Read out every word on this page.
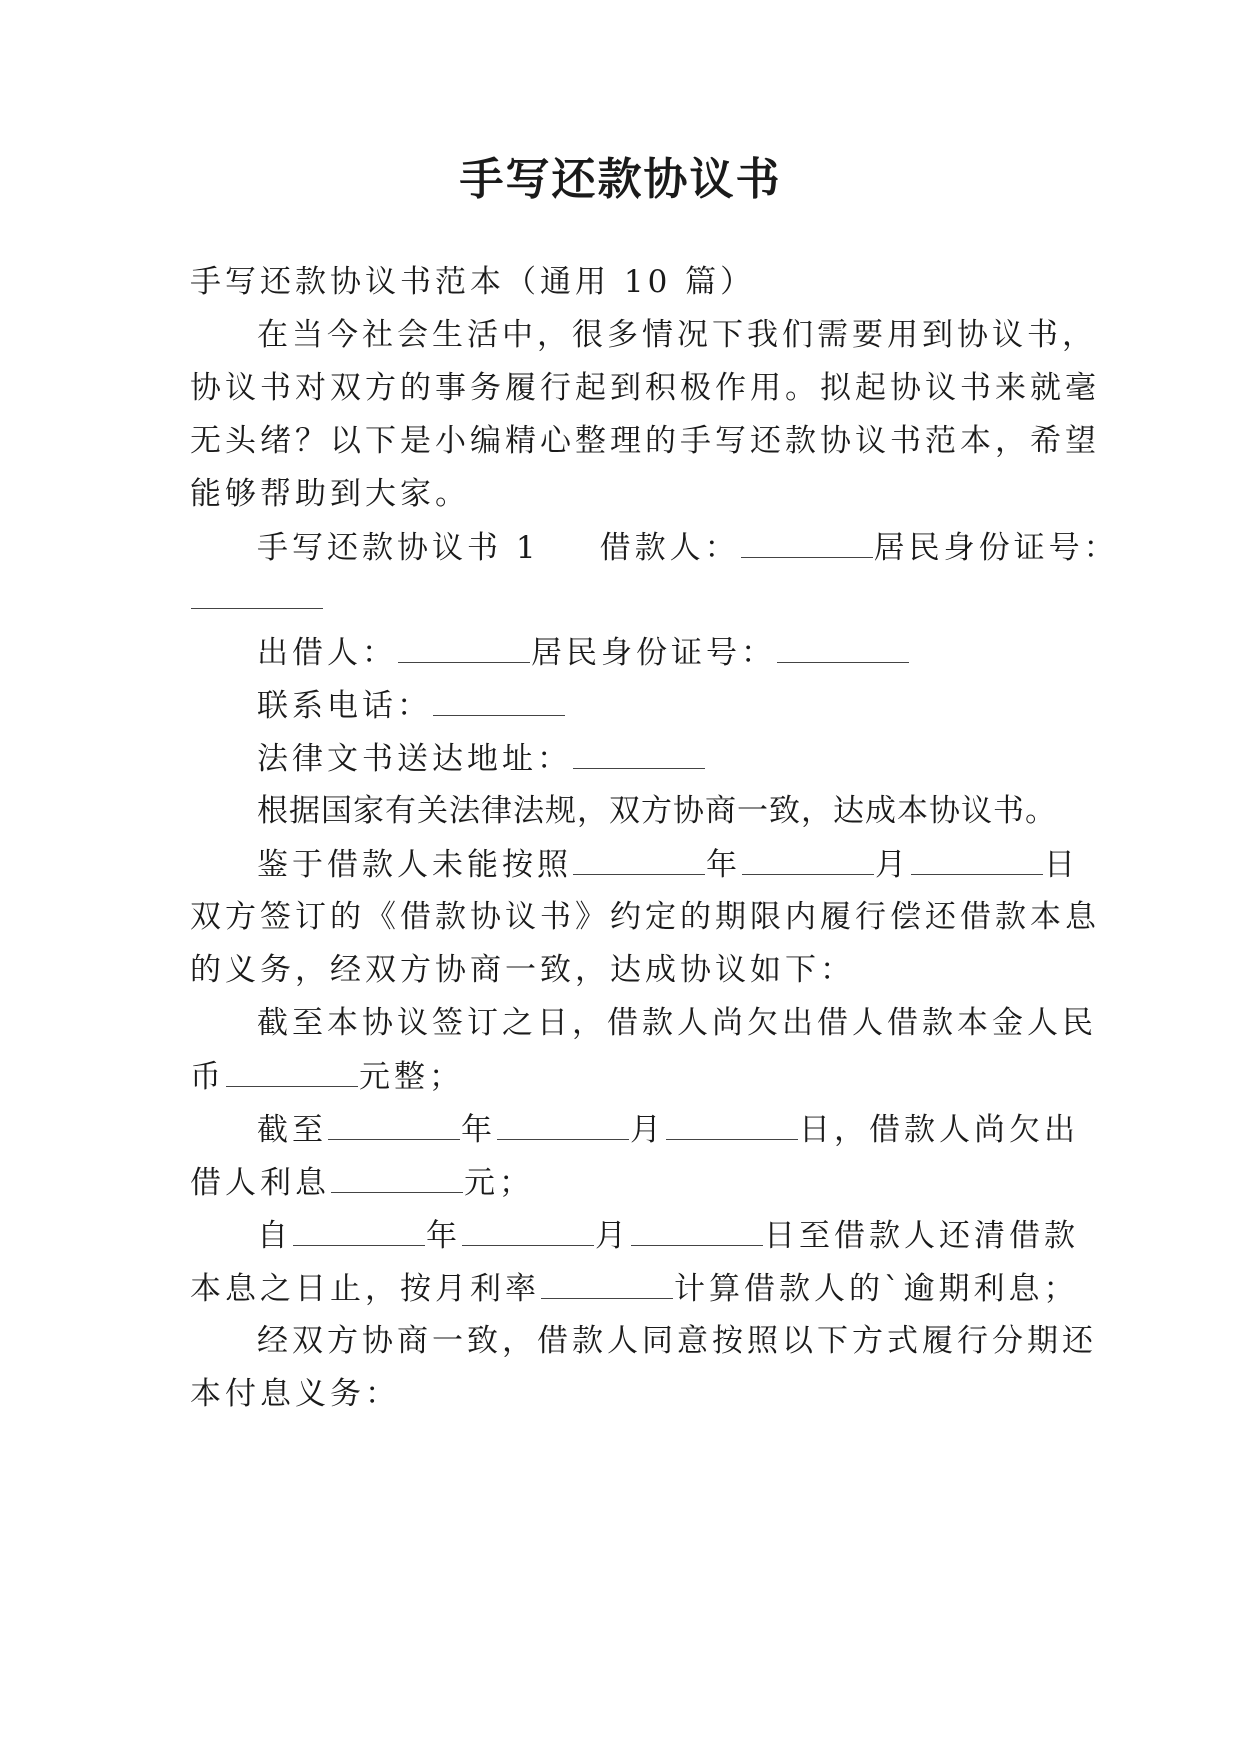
手写还款协议书

手写还款协议书范本（通用 10 篇）

在当今社会生活中，很多情况下我们需要用到协议书，

协议书对双方的事务履行起到积极作用。拟起协议书来就毫

无头绪？以下是小编精心整理的手写还款协议书范本，希望

能够帮助到大家。

手写还款协议书 1 借款人：	居民身份证号：

出借人：	居民身份证号：

联系电话：

法律文书送达地址：

根据国家有关法律法规，双方协商一致，达成本协议书。

鉴于借款人未能按照	年	月	日

双方签订的《借款协议书》约定的期限内履行偿还借款本息

的义务，经双方协商一致，达成协议如下：

截至本协议签订之日，借款人尚欠出借人借款本金人民

币	元整；

截至	年	月	日，借款人尚欠出

借人利息	元；

自	年	月	日至借款人还清借款

本息之日止，按月利率	计算借款人的`逾期利息；

经双方协商一致，借款人同意按照以下方式履行分期还

本付息义务：
